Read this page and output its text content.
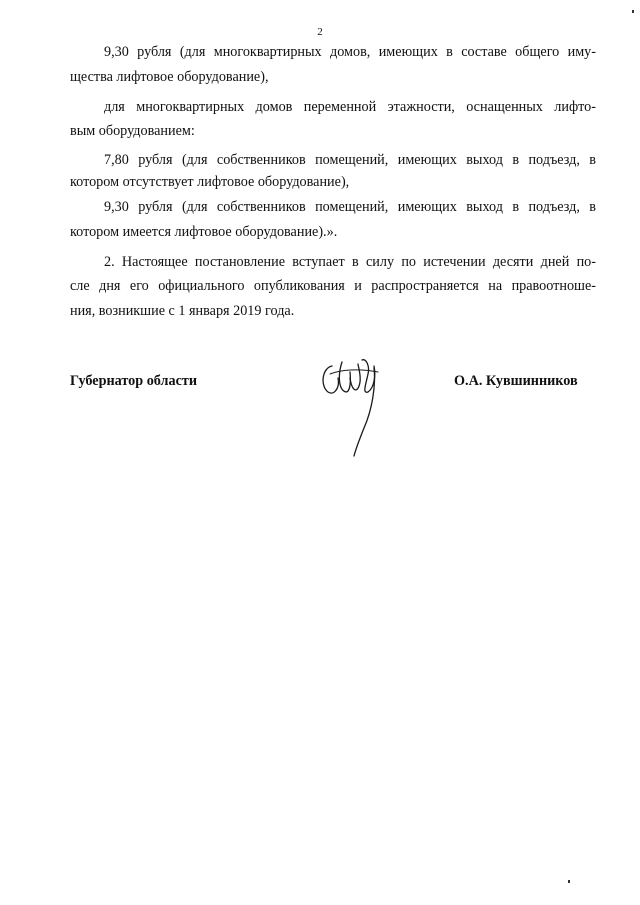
2
9,30 рубля (для многоквартирных домов, имеющих в составе общего иму-
щества лифтовое оборудование),
для многоквартирных домов переменной этажности, оснащенных лифто-
вым оборудованием:
7,80 рубля (для собственников помещений, имеющих выход в подъезд, в
котором отсутствует лифтовое оборудование),
9,30 рубля (для собственников помещений, имеющих выход в подъезд, в
котором имеется лифтовое оборудование).».
2. Настоящее постановление вступает в силу по истечении десяти дней по-
сле дня его официального опубликования и распространяется на правоотноше-
ния, возникшие с 1 января 2019 года.
Губернатор области	О.А. Кувшинников
